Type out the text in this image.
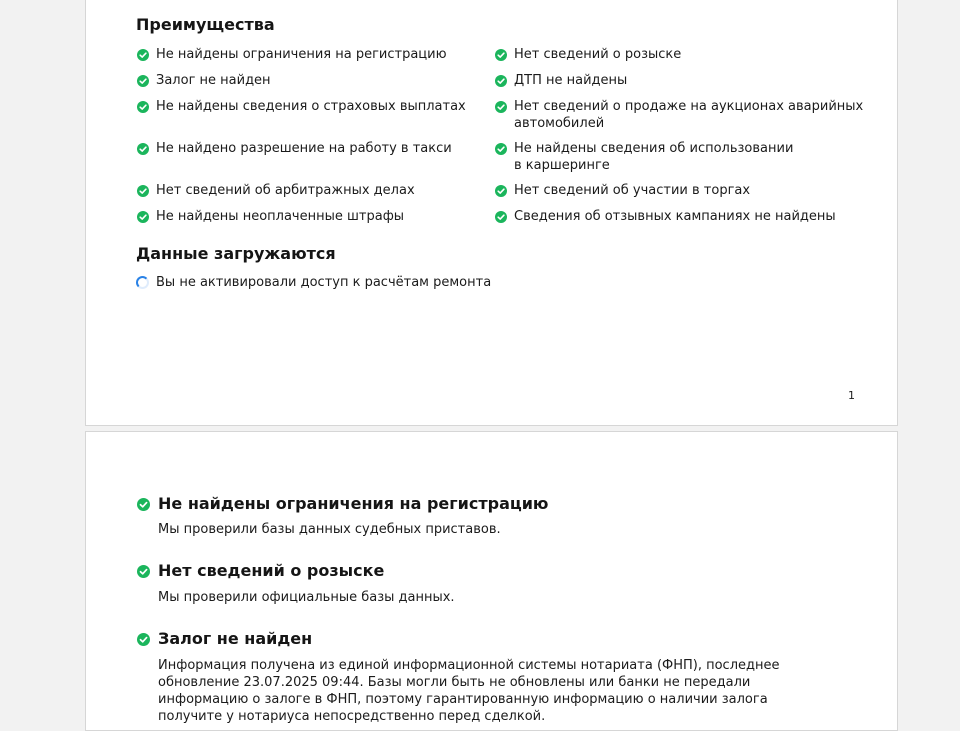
Преимущества
Не найдены ограничения на регистрацию	Нет сведений о розыске
Залог не найден	ДТП не найдены
Не найдены сведения о страховых выплатах	Нет сведений о продаже на аукционах аварийных
автомобилей
Не найдено разрешение на работу в такси	Не найдены сведения об использовании
в каршеринге
Нет сведений об арбитражных делах	Нет сведений об участии в торгах
Не найдены неоплаченные штрафы	Сведения об отзывных кампаниях не найдены
Данные загружаются
Вы не активировали доступ к расчётам ремонта
1
Не найдены ограничения на регистрацию
Мы проверили базы данных судебных приставов.
Нет сведений о розыске
Мы проверили официальные базы данных.
Залог не найден
Информация получена из единой информационной системы нотариата (ФНП), последнее обновление 23.07.2025 09:44. Базы могли быть не обновлены или банки не передали информацию о залоге в ФНП, поэтому гарантированную информацию о наличии залога получите у нотариуса непосредственно перед сделкой.
